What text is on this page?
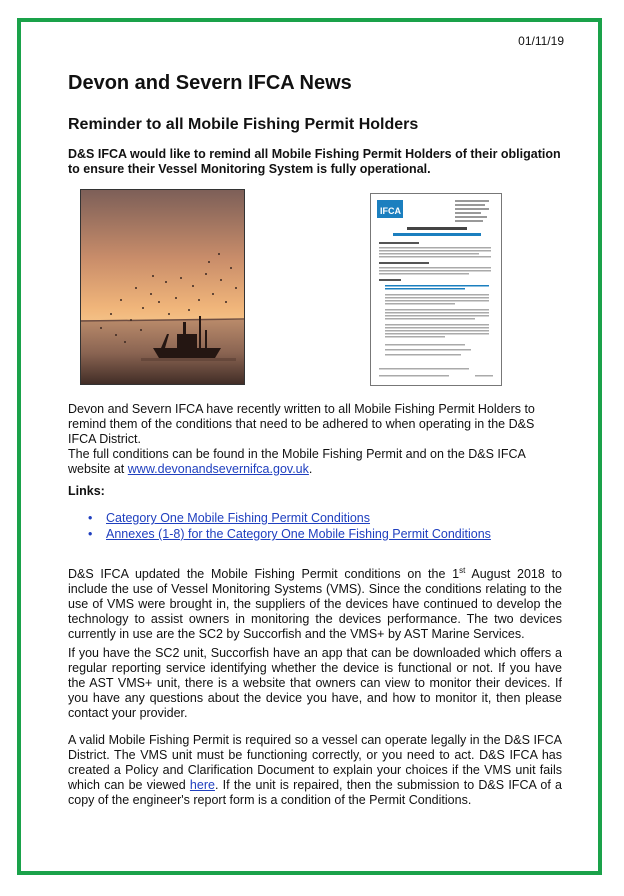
01/11/19
Devon and Severn IFCA News
Reminder to all Mobile Fishing Permit Holders

D&S IFCA would like to remind all Mobile Fishing Permit Holders of their obligation to ensure their Vessel Monitoring System is fully operational.

IFCA

Devon and Severn IFCA have recently written to all Mobile Fishing Permit Holders to remind them of the conditions that need to be adhered to when operating in the D&S IFCA District.

The full conditions can be found in the Mobile Fishing Permit and on the D&S IFCA website at www.devonandsevernifca.gov.uk.

Links:
• Category One Mobile Fishing Permit Conditions
• Annexes (1-8) for the Category One Mobile Fishing Permit Conditions

D&S IFCA updated the Mobile Fishing Permit conditions on the 1st August 2018 to include the use of Vessel Monitoring Systems (VMS). Since the conditions relating to the use of VMS were brought in, the suppliers of the devices have continued to develop the technology to assist owners in monitoring the devices performance. The two devices currently in use are the SC2 by Succorfish and the VMS+ by AST Marine Services.

If you have the SC2 unit, Succorfish have an app that can be downloaded which offers a regular reporting service identifying whether the device is functional or not. If you have the AST VMS+ unit, there is a website that owners can view to monitor their devices. If you have any questions about the device you have, and how to monitor it, then please contact your provider.

A valid Mobile Fishing Permit is required so a vessel can operate legally in the D&S IFCA District. The VMS unit must be functioning correctly, or you need to act. D&S IFCA has created a Policy and Clarification Document to explain your choices if the VMS unit fails which can be viewed here. If the unit is repaired, then the submission to D&S IFCA of a copy of the engineer's report form is a condition of the Permit Conditions.
